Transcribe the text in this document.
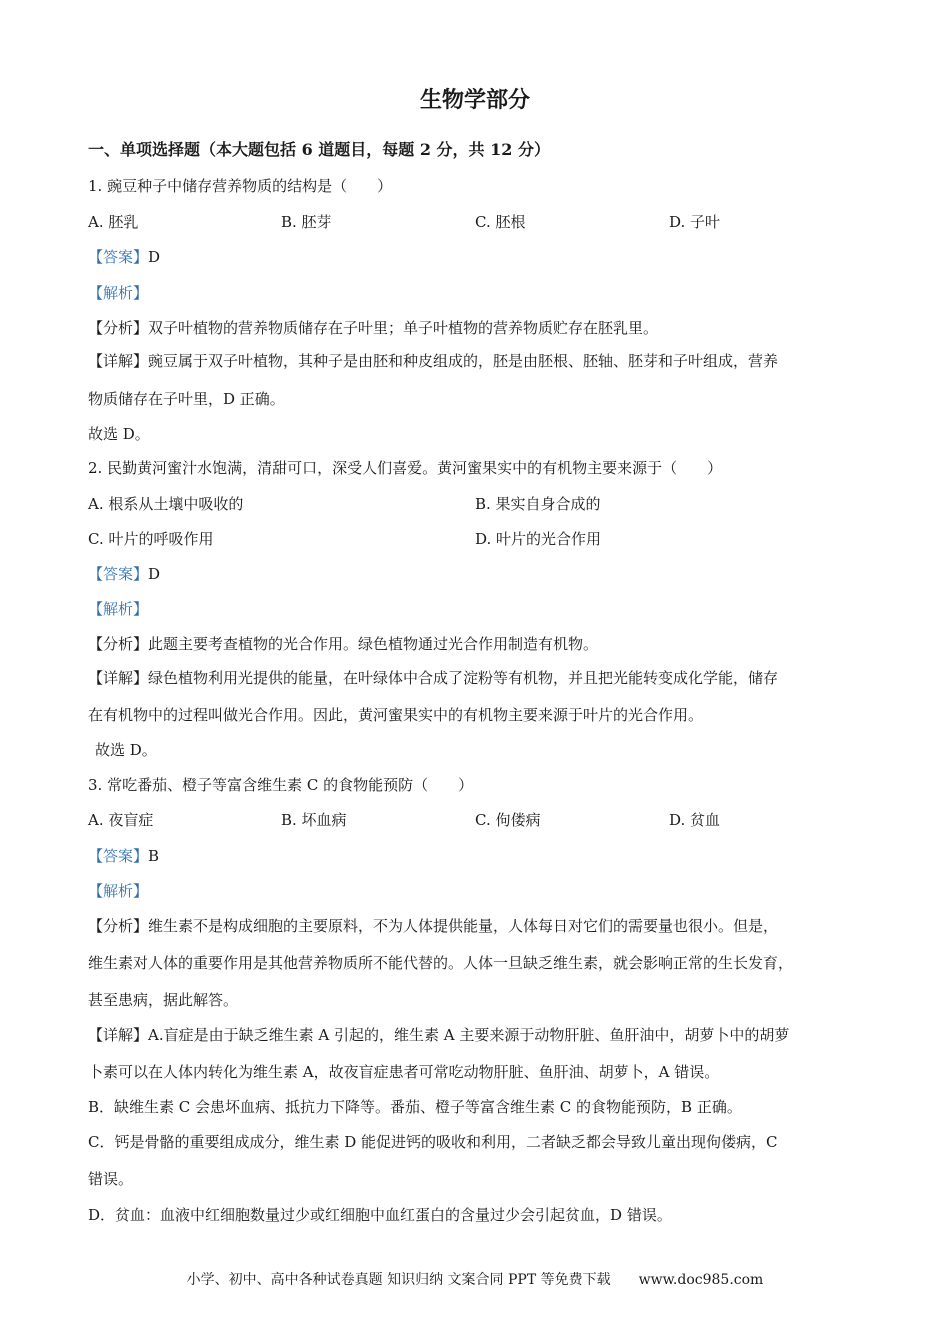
生物学部分
一、单项选择题（本大题包括 6 道题目，每题 2 分，共 12 分）
1. 豌豆种子中储存营养物质的结构是（　　）
A. 胚乳	B. 胚芽	C. 胚根	D. 子叶
【答案】D
【解析】
【分析】双子叶植物的营养物质储存在子叶里；单子叶植物的营养物质贮存在胚乳里。
【详解】豌豆属于双子叶植物，其种子是由胚和种皮组成的，胚是由胚根、胚轴、胚芽和子叶组成，营养
物质储存在子叶里，D 正确。
故选 D。
2. 民勤黄河蜜汁水饱满，清甜可口，深受人们喜爱。黄河蜜果实中的有机物主要来源于（　　）
A. 根系从土壤中吸收的	B. 果实自身合成的
C. 叶片的呼吸作用	D. 叶片的光合作用
【答案】D
【解析】
【分析】此题主要考查植物的光合作用。绿色植物通过光合作用制造有机物。
【详解】绿色植物利用光提供的能量，在叶绿体中合成了淀粉等有机物，并且把光能转变成化学能，储存
在有机物中的过程叫做光合作用。因此，黄河蜜果实中的有机物主要来源于叶片的光合作用。
故选 D。
3. 常吃番茄、橙子等富含维生素 C 的食物能预防（　　）
A. 夜盲症	B. 坏血病	C. 佝偻病	D. 贫血
【答案】B
【解析】
【分析】维生素不是构成细胞的主要原料，不为人体提供能量，人体每日对它们的需要量也很小。但是，
维生素对人体的重要作用是其他营养物质所不能代替的。人体一旦缺乏维生素，就会影响正常的生长发育，
甚至患病，据此解答。
【详解】A.盲症是由于缺乏维生素 A 引起的，维生素 A 主要来源于动物肝脏、鱼肝油中，胡萝卜中的胡萝
卜素可以在人体内转化为维生素 A，故夜盲症患者可常吃动物肝脏、鱼肝油、胡萝卜，A 错误。
B．缺维生素 C 会患坏血病、抵抗力下降等。番茄、橙子等富含维生素 C 的食物能预防，B 正确。
C．钙是骨骼的重要组成成分，维生素 D 能促进钙的吸收和利用，二者缺乏都会导致儿童出现佝偻病，C
错误。
D．贫血：血液中红细胞数量过少或红细胞中血红蛋白的含量过少会引起贫血，D 错误。
小学、初中、高中各种试卷真题 知识归纳 文案合同 PPT 等免费下载 www.doc985.com
